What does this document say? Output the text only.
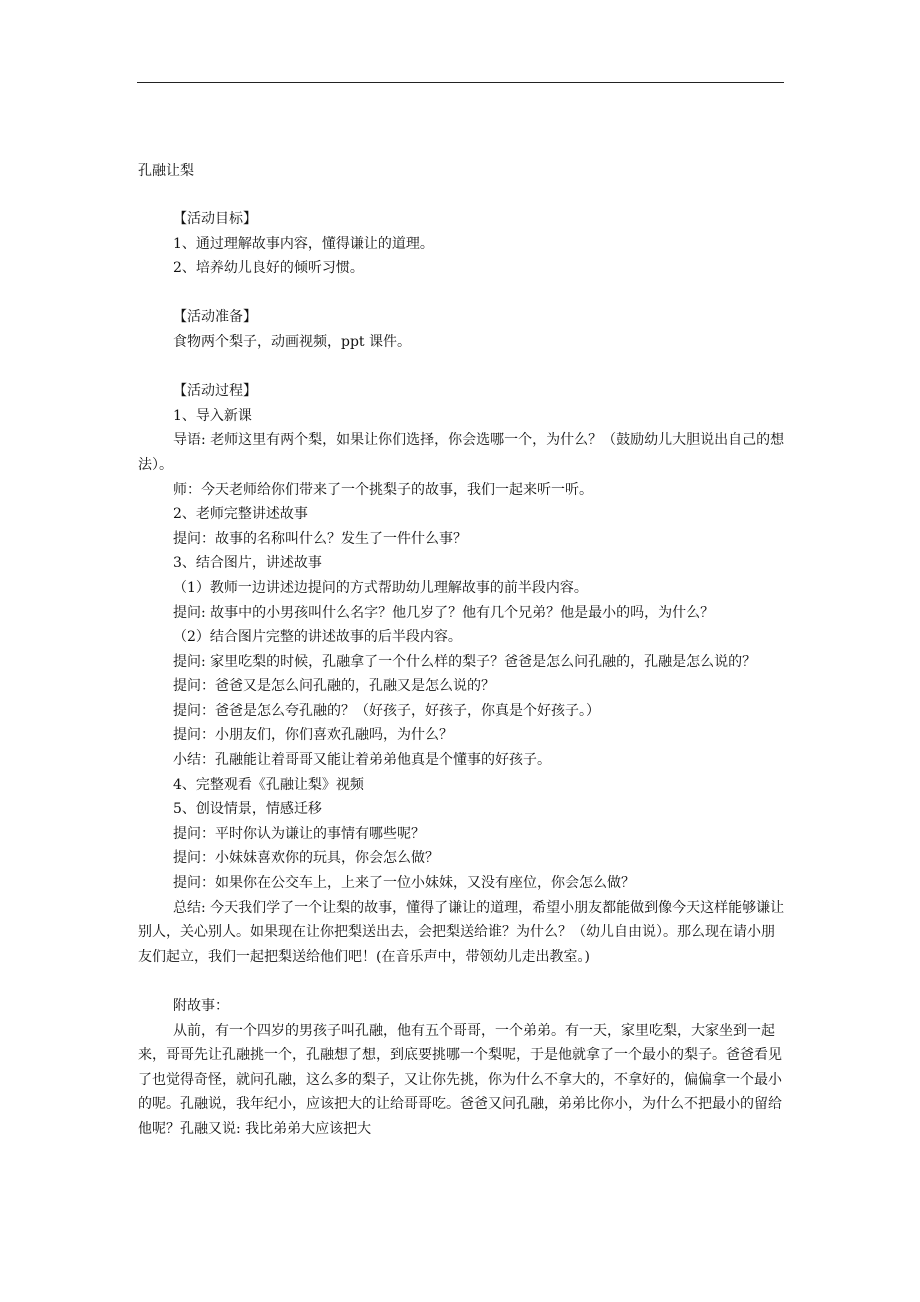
孔融让梨

【活动目标】

1、通过理解故事内容，懂得谦让的道理。

2、培养幼儿良好的倾听习惯。

【活动准备】

食物两个梨子，动画视频，ppt 课件。

【活动过程】

1、导入新课

导语: 老师这里有两个梨，如果让你们选择，你会选哪一个，为什么？（鼓励幼儿大胆说出自己的想法）。

师：今天老师给你们带来了一个挑梨子的故事，我们一起来听一听。

2、老师完整讲述故事

提问：故事的名称叫什么？发生了一件什么事？

3、结合图片，讲述故事

（1）教师一边讲述边提问的方式帮助幼儿理解故事的前半段内容。

提问: 故事中的小男孩叫什么名字？他几岁了？他有几个兄弟？他是最小的吗，为什么？

（2）结合图片完整的讲述故事的后半段内容。

提问: 家里吃梨的时候，孔融拿了一个什么样的梨子？爸爸是怎么问孔融的，孔融是怎么说的？

提问：爸爸又是怎么问孔融的，孔融又是怎么说的？

提问：爸爸是怎么夸孔融的？（好孩子，好孩子，你真是个好孩子。）

提问：小朋友们，你们喜欢孔融吗，为什么？

小结：孔融能让着哥哥又能让着弟弟他真是个懂事的好孩子。

4、完整观看《孔融让梨》视频

5、创设情景，情感迁移

提问：平时你认为谦让的事情有哪些呢？

提问：小妹妹喜欢你的玩具，你会怎么做？

提问：如果你在公交车上，上来了一位小妹妹，又没有座位，你会怎么做？

总结: 今天我们学了一个让梨的故事，懂得了谦让的道理，希望小朋友都能做到像今天这样能够谦让别人，关心别人。如果现在让你把梨送出去，会把梨送给谁？为什么？（幼儿自由说）。那么现在请小朋友们起立，我们一起把梨送给他们吧！(在音乐声中，带领幼儿走出教室。)

附故事：

从前，有一个四岁的男孩子叫孔融，他有五个哥哥，一个弟弟。有一天，家里吃梨，大家坐到一起来，哥哥先让孔融挑一个，孔融想了想，到底要挑哪一个梨呢，于是他就拿了一个最小的梨子。爸爸看见了也觉得奇怪，就问孔融，这么多的梨子，又让你先挑，你为什么不拿大的，不拿好的，偏偏拿一个最小的呢。孔融说，我年纪小，应该把大的让给哥哥吃。爸爸又问孔融，弟弟比你小，为什么不把最小的留给他呢？孔融又说: 我比弟弟大应该把大
